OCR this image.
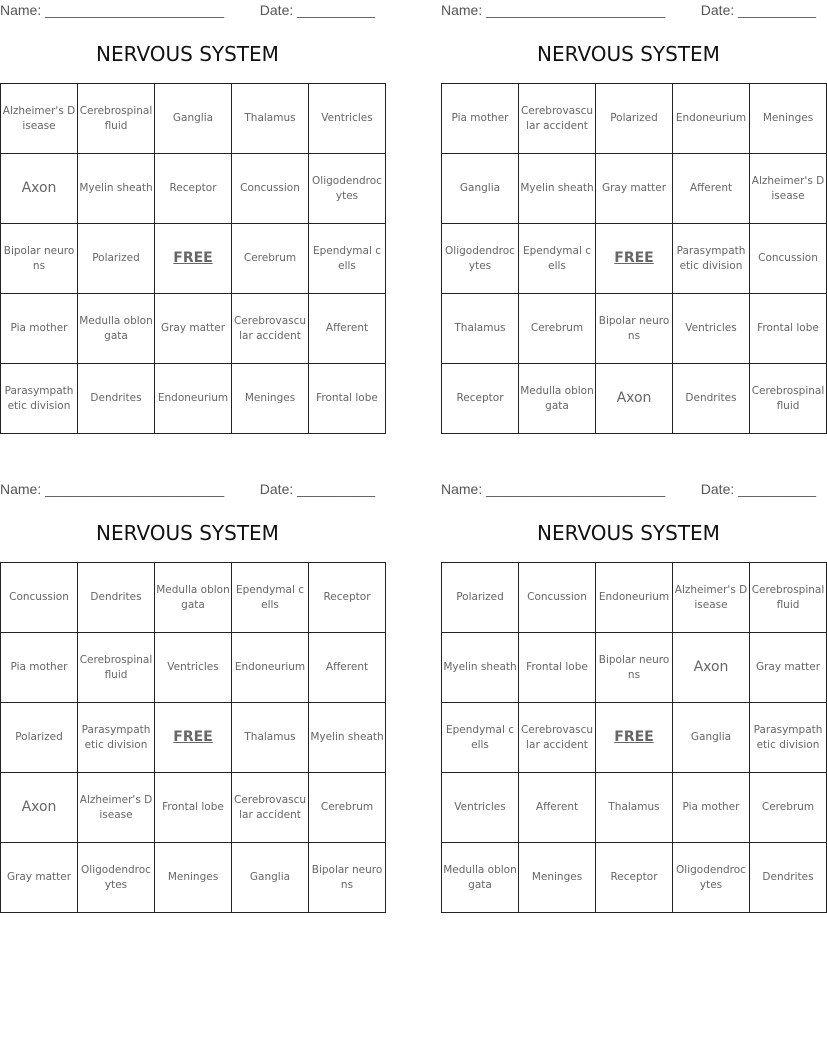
Name: _______________________	Date: __________
NERVOUS SYSTEM
Alzheimer's Disease	Cerebrospinal fluid	Ganglia	Thalamus	Ventricles
Axon	Myelin sheath	Receptor	Concussion	Oligodendrocytes
Bipolar neurons	Polarized	FREE	Cerebrum	Ependymal cells
Pia mother	Medulla oblongata	Gray matter	Cerebrovascular accident	Afferent
Parasympathetic division	Dendrites	Endoneurium	Meninges	Frontal lobe
Name: _______________________	Date: __________
NERVOUS SYSTEM
Pia mother	Cerebrovascular accident	Polarized	Endoneurium	Meninges
Ganglia	Myelin sheath	Gray matter	Afferent	Alzheimer's Disease
Oligodendrocytes	Ependymal cells	FREE	Parasympathetic division	Concussion
Thalamus	Cerebrum	Bipolar neurons	Ventricles	Frontal lobe
Receptor	Medulla oblongata	Axon	Dendrites	Cerebrospinal fluid
Name: _______________________	Date: __________
NERVOUS SYSTEM
Concussion	Dendrites	Medulla oblongata	Ependymal cells	Receptor
Pia mother	Cerebrospinal fluid	Ventricles	Endoneurium	Afferent
Polarized	Parasympathetic division	FREE	Thalamus	Myelin sheath
Axon	Alzheimer's Disease	Frontal lobe	Cerebrovascular accident	Cerebrum
Gray matter	Oligodendrocytes	Meninges	Ganglia	Bipolar neurons
Name: _______________________	Date: __________
NERVOUS SYSTEM
Polarized	Concussion	Endoneurium	Alzheimer's Disease	Cerebrospinal fluid
Myelin sheath	Frontal lobe	Bipolar neurons	Axon	Gray matter
Ependymal cells	Cerebrovascular accident	FREE	Ganglia	Parasympathetic division
Ventricles	Afferent	Thalamus	Pia mother	Cerebrum
Medulla oblongata	Meninges	Receptor	Oligodendrocytes	Dendrites
